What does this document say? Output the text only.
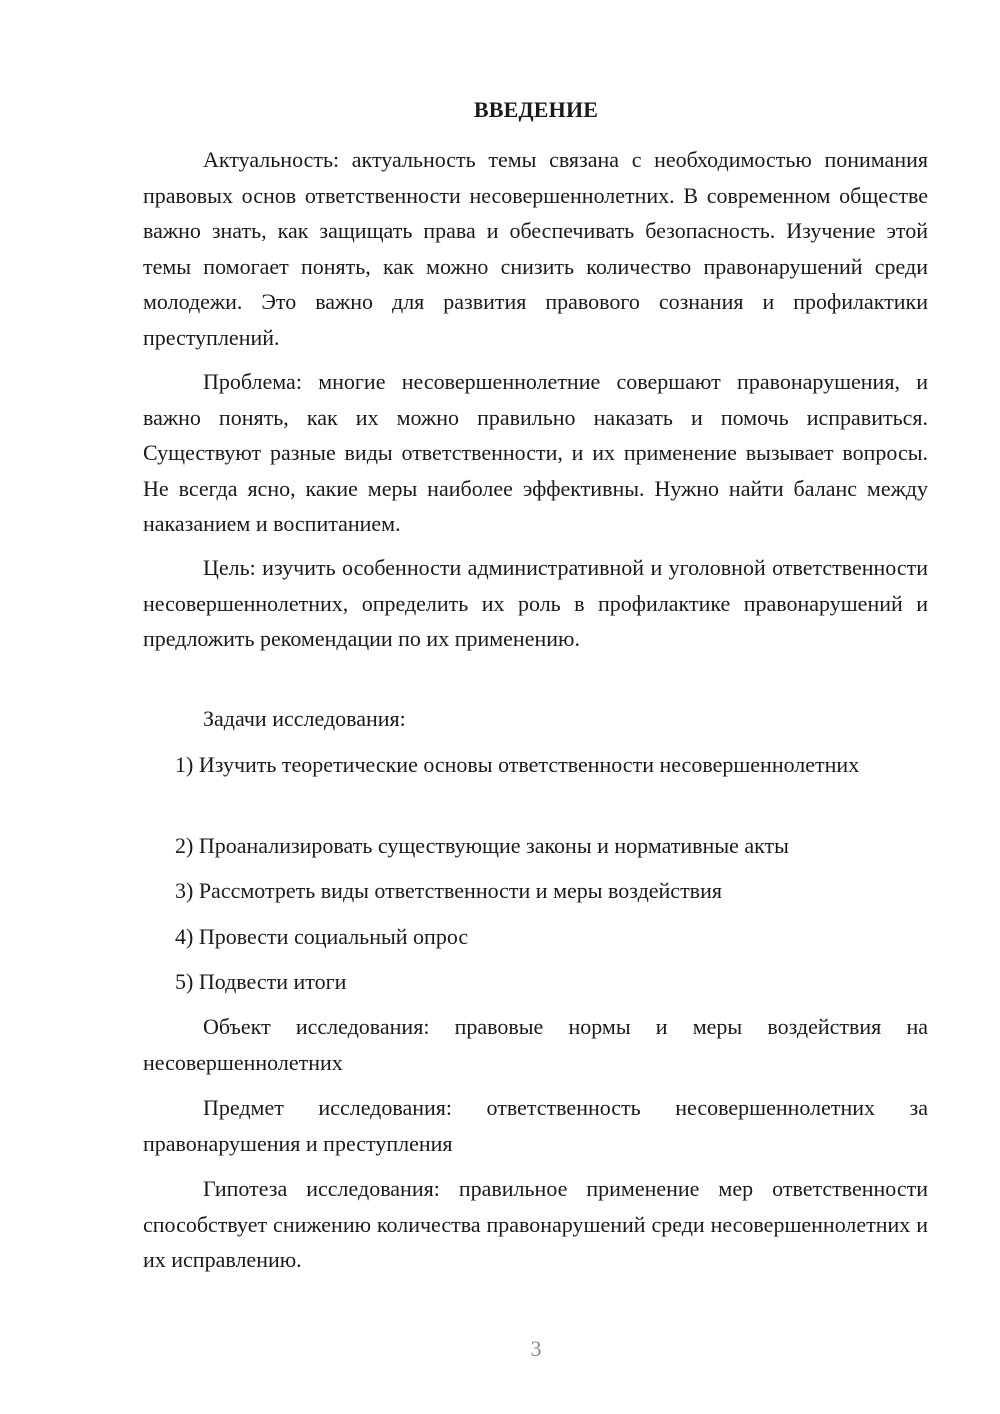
ВВЕДЕНИЕ

Актуальность: актуальность темы связана с необходимостью понимания правовых основ ответственности несовершеннолетних. В современном обществе важно знать, как защищать права и обеспечивать безопасность. Изучение этой темы помогает понять, как можно снизить количество правонарушений среди молодежи. Это важно для развития правового сознания и профилактики преступлений.

Проблема: многие несовершеннолетние совершают правонарушения, и важно понять, как их можно правильно наказать и помочь исправиться. Существуют разные виды ответственности, и их применение вызывает вопросы. Не всегда ясно, какие меры наиболее эффективны. Нужно найти баланс между наказанием и воспитанием.

Цель: изучить особенности административной и уголовной ответственности несовершеннолетних, определить их роль в профилактике правонарушений и предложить рекомендации по их применению.

Задачи исследования:

1) Изучить теоретические основы ответственности несовершеннолетних

2) Проанализировать существующие законы и нормативные акты

3) Рассмотреть виды ответственности и меры воздействия

4) Провести социальный опрос

5) Подвести итоги

Объект исследования: правовые нормы и меры воздействия на несовершеннолетних

Предмет исследования: ответственность несовершеннолетних за правонарушения и преступления

Гипотеза исследования: правильное применение мер ответственности способствует снижению количества правонарушений среди несовершеннолетних и их исправлению.

3
